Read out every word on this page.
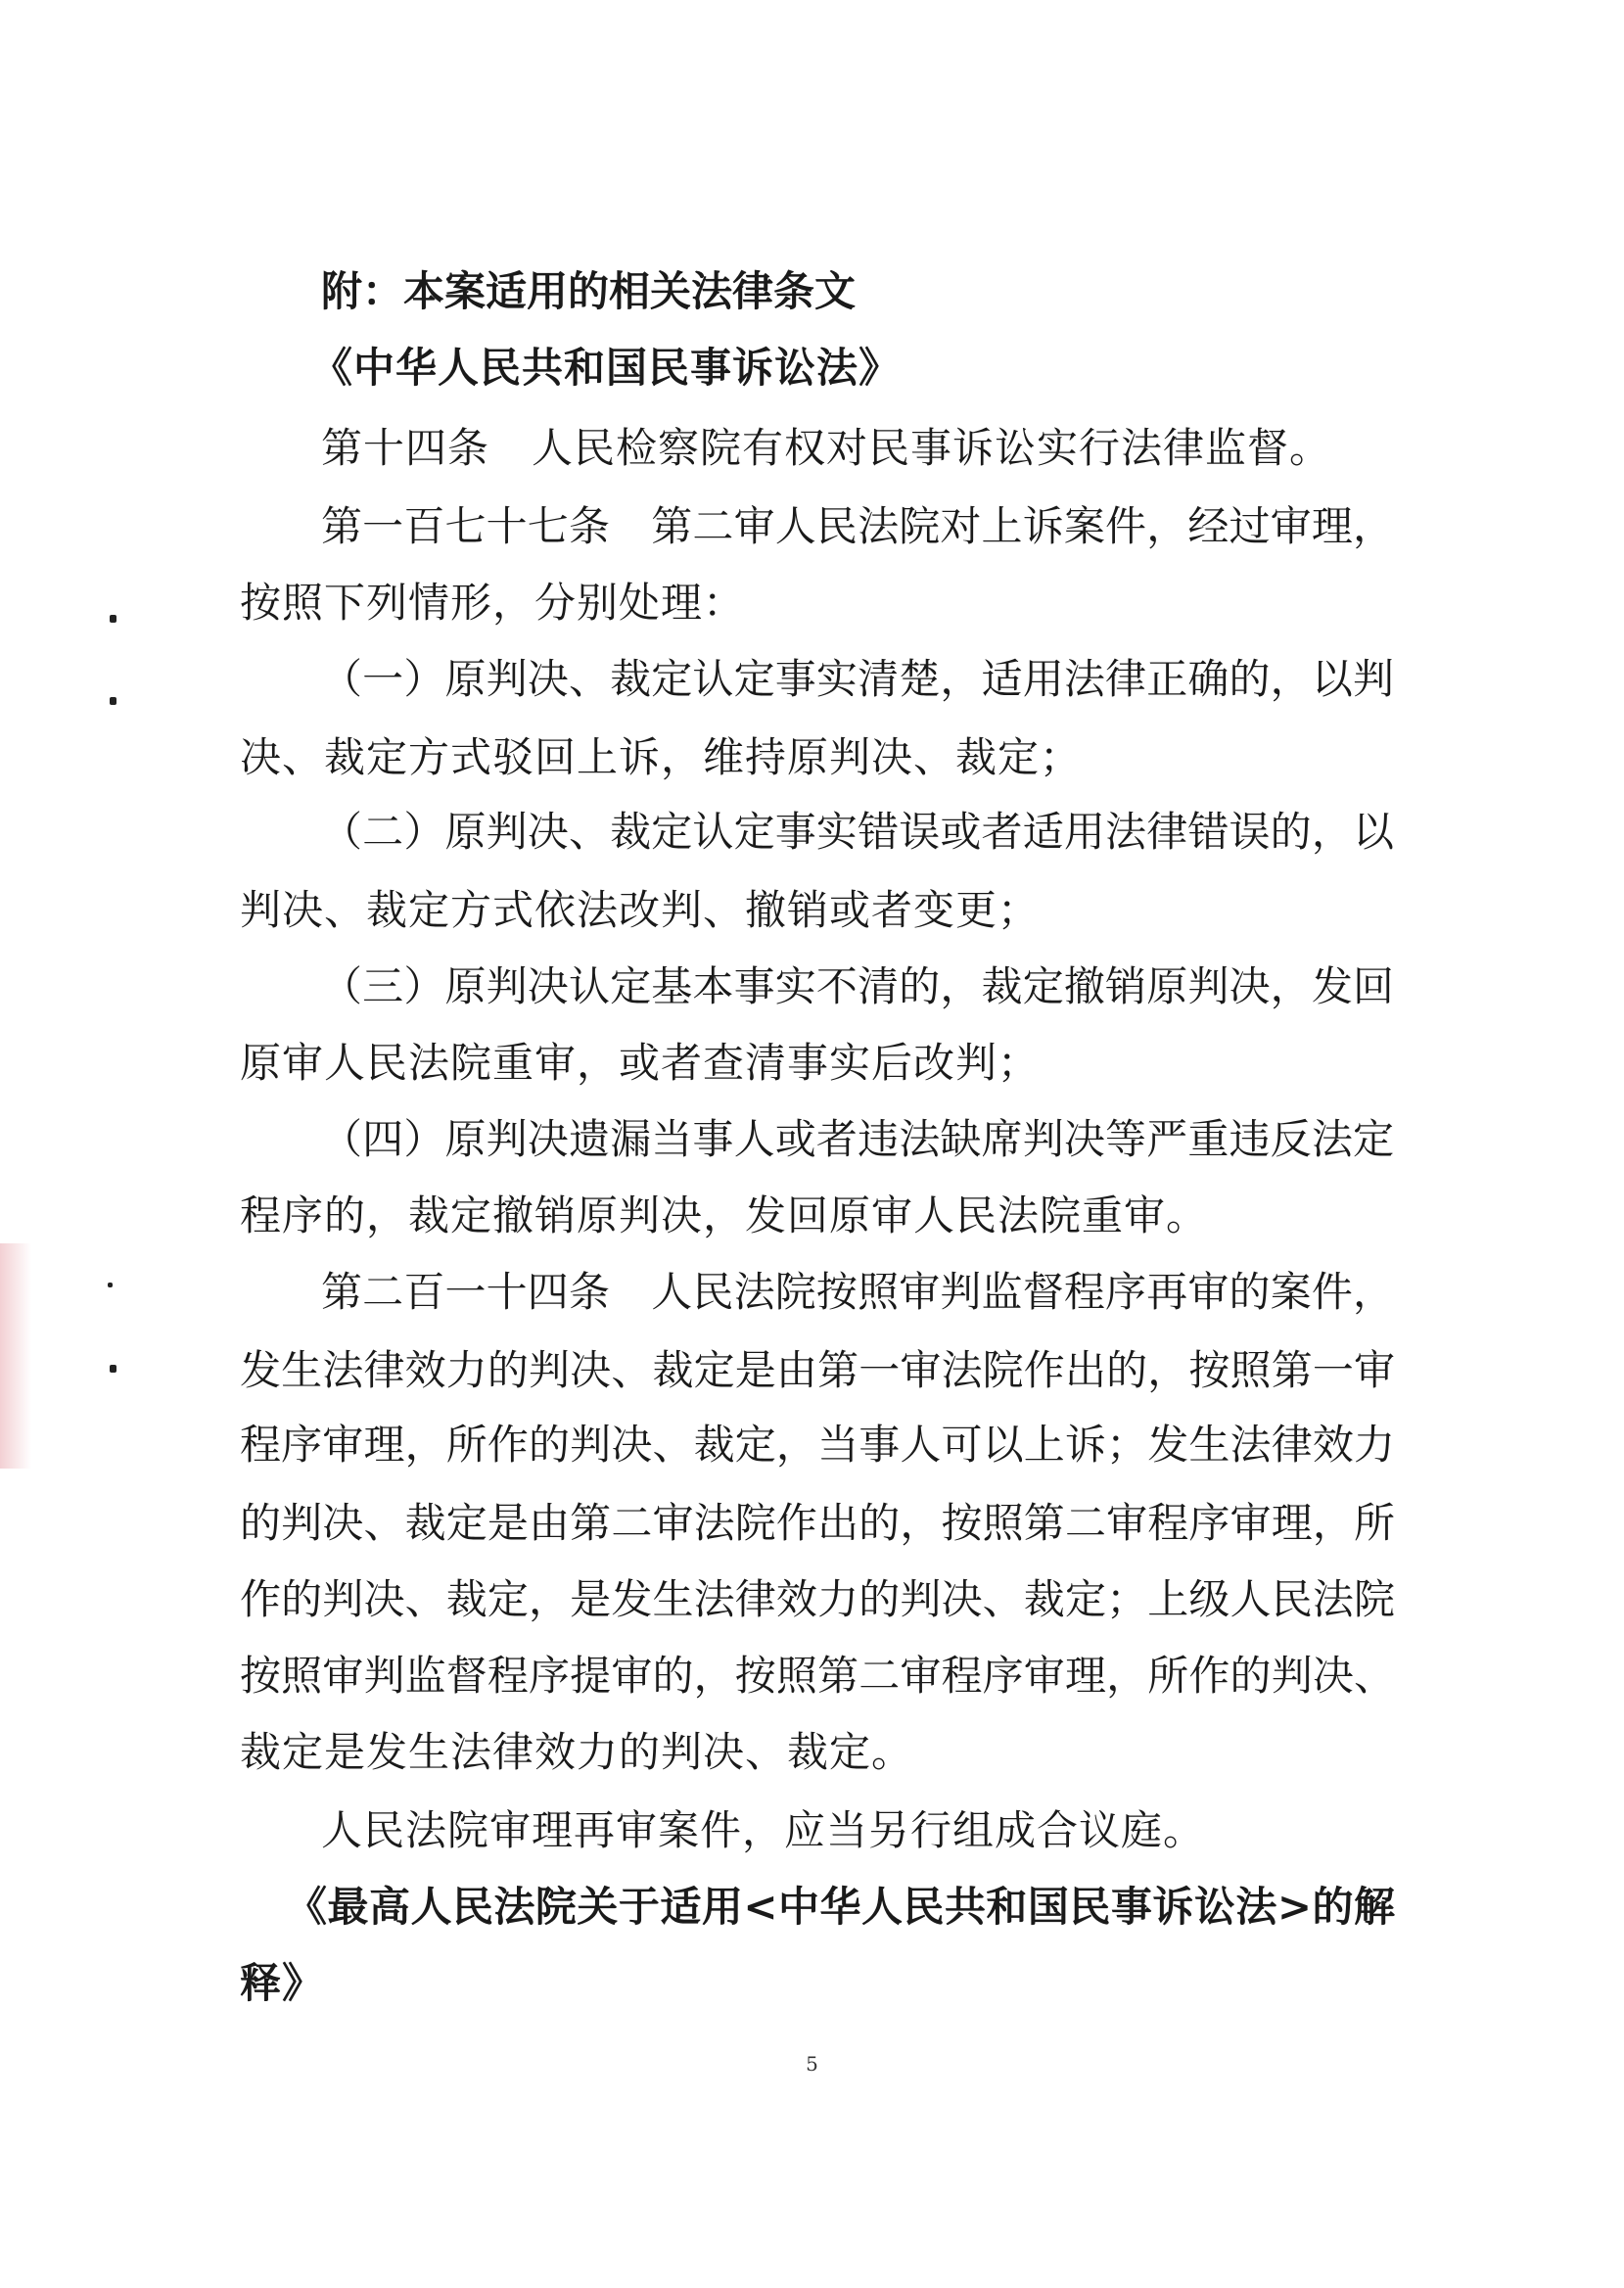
附：本案适用的相关法律条文
《中华人民共和国民事诉讼法》
第十四条　人民检察院有权对民事诉讼实行法律监督。
第一百七十七条　第二审人民法院对上诉案件，经过审理，
按照下列情形，分别处理：
（一）原判决、裁定认定事实清楚，适用法律正确的，以判
决、裁定方式驳回上诉，维持原判决、裁定；
（二）原判决、裁定认定事实错误或者适用法律错误的，以
判决、裁定方式依法改判、撤销或者变更；
（三）原判决认定基本事实不清的，裁定撤销原判决，发回
原审人民法院重审，或者查清事实后改判；
（四）原判决遗漏当事人或者违法缺席判决等严重违反法定
程序的，裁定撤销原判决，发回原审人民法院重审。
第二百一十四条　人民法院按照审判监督程序再审的案件，
发生法律效力的判决、裁定是由第一审法院作出的，按照第一审
程序审理，所作的判决、裁定，当事人可以上诉；发生法律效力
的判决、裁定是由第二审法院作出的，按照第二审程序审理，所
作的判决、裁定，是发生法律效力的判决、裁定；上级人民法院
按照审判监督程序提审的，按照第二审程序审理，所作的判决、
裁定是发生法律效力的判决、裁定。
人民法院审理再审案件，应当另行组成合议庭。
《最高人民法院关于适用<中华人民共和国民事诉讼法>的解
释》
5
